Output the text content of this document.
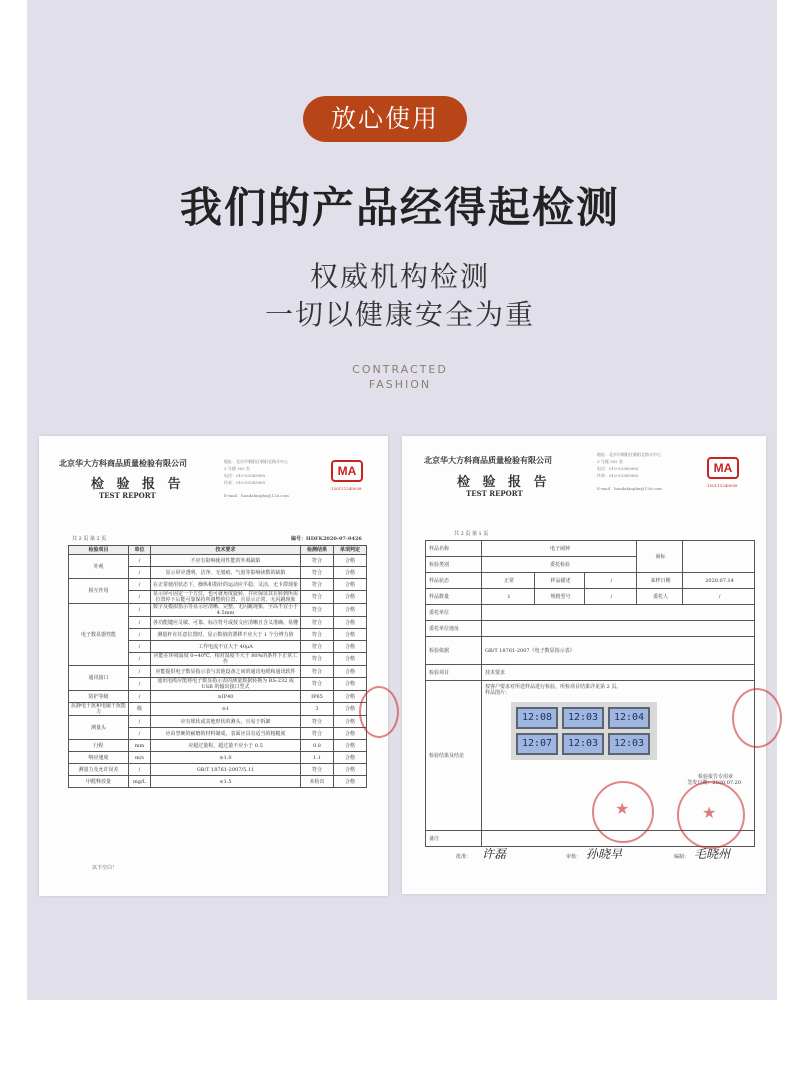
放心使用
我们的产品经得起检测
权威机构检测
一切以健康安全为重
CONTRACTED
FASHION
北京华大方科商品质量检验有限公司
检 验 报 告
TEST REPORT
地址：北京市朝阳区朝阳北路半中心
3 号楼 302 室
电话：010-53383965
传真：010-53383965
E-mail：huadafanghx@126.com
MA
150111240058
共 2 页 第 2 页	编号：HDFK2020-07-0426
检验项目	单位	技术要求	检测结果	单项判定
外观	/	不应有影响使用性能的外观缺陷	符合	合格
	/	显示屏应透明、洁净、无划痕、气泡等影响读数的缺陷	符合	合格
相互作用	/	在正常使用状态下，操纵和指针的运动应平稳、灵活，无卡滞现象	符合	合格
	/	显示屏可固定一个方位，也可就角度旋转，并应保证其在转到所需位置停下后能可靠保持所调整的位置，且显示正常，无闪跳现象	符合	合格
电子数显器性能	/	数字及模拟指示等显示应清晰、完整、无闪跳现象，字高不宜小于 4.5mm	符合	合格
	/	各功能键应灵敏、可靠、标注符号或按文应清晰且含义准确、易懂	符合	合格
	/	测量杆在任意位置时，显示数值的漂移不应大于 1 个分辨力值	符合	合格
	/	工作电流不宜大于 40μA	符合	合格
	/	应能在环境温度 0~40℃，相对湿度不大于 80%的条件下正常工作	符合	合格
通讯接口	/	应能提供电子数显指示表与其他设备之间的通讯电缆和通讯软件	符合	合格
	/	通讯电缆应能将电子数显指示表的测量数据转换为 RS-232 或 USB 的输出接口型式	符合	合格
防护等级	/	≥IP40	IP65	合格
抗静电干扰和电磁干扰能力	级	≥1	3	合格
测量头	/	应有球状或其他形状的测头，且易于拆卸	符合	合格
	/	应由坚硬的耐磨的材料制成，表面应具有适当的粗糙度	符合	合格
行程	mm	应超过量程，超过量不应小于 0.5	0.8	合格
响应速度	m/s	≥1.0	1.1	合格
测量力及允许误差	/	GB/T 18761-2007/5.11	符合	合格
甲醛释放量	mg/L	≤1.5	未检出	合格
以下空白！
北京华大方科商品质量检验有限公司
检 验 报 告
TEST REPORT
地址：北京市朝阳区朝阳北路半中心
3 号楼 302 室
电话：010-53383965
传真：010-53383965
E-mail：huadafanghx@126.com
MA
150111240058
共 2 页 第 1 页
样品名称	电子闹钟			商标	
检验类别	委托检验				
样品状态	正常	样品描述	/	来样日期	2020.07.14
样品数量	1	规格型号	/	委托人	/
委托单位					
委托单位地址					
检验依据	GB/T 18761-2007《电子数显指示表》				
检验项目	技术要求				
检验结果及结论	按客户要求对所送样品进行检验，所检项目结果详见第 2 页。
样品图片：
12:08 12:03 12:0412:07 12:03 12:03
检验报告专用章
签发日期：2020.07.20				

备注					
★	★
批准： 许磊	审核： 孙晓早	编制： 毛晓州
